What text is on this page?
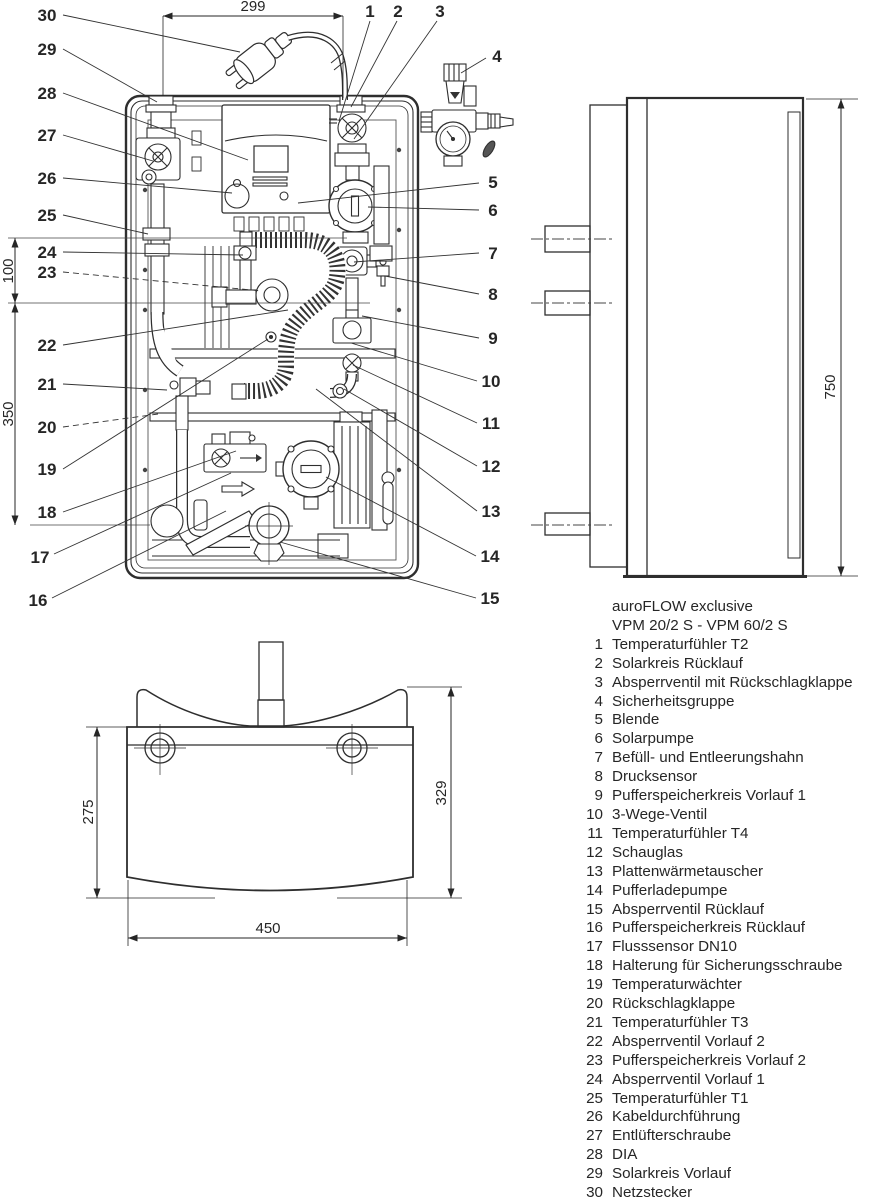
299
100
350
750
275
329
450
1 2 3
4
5
6
7
8
9
10
11
12
13
14
15
16
17
18
19
20
21
22
23
24
25
26
27
28
29
30
auroFLOW exclusive
VPM 20/2 S - VPM 60/2 S
1 Temperaturfühler T2
2 Solarkreis Rücklauf
3 Absperrventil mit Rückschlagklappe
4 Sicherheitsgruppe
5 Blende
6 Solarpumpe
7 Befüll- und Entleerungshahn
8 Drucksensor
9 Pufferspeicherkreis Vorlauf 1
10 3-Wege-Ventil
11 Temperaturfühler T4
12 Schauglas
13 Plattenwärmetauscher
14 Pufferladepumpe
15 Absperrventil Rücklauf
16 Pufferspeicherkreis Rücklauf
17 Flusssensor DN10
18 Halterung für Sicherungsschraube
19 Temperaturwächter
20 Rückschlagklappe
21 Temperaturfühler T3
22 Absperrventil Vorlauf 2
23 Pufferspeicherkreis Vorlauf 2
24 Absperrventil Vorlauf 1
25 Temperaturfühler T1
26 Kabeldurchführung
27 Entlüfterschraube
28 DIA
29 Solarkreis Vorlauf
30 Netzstecker
